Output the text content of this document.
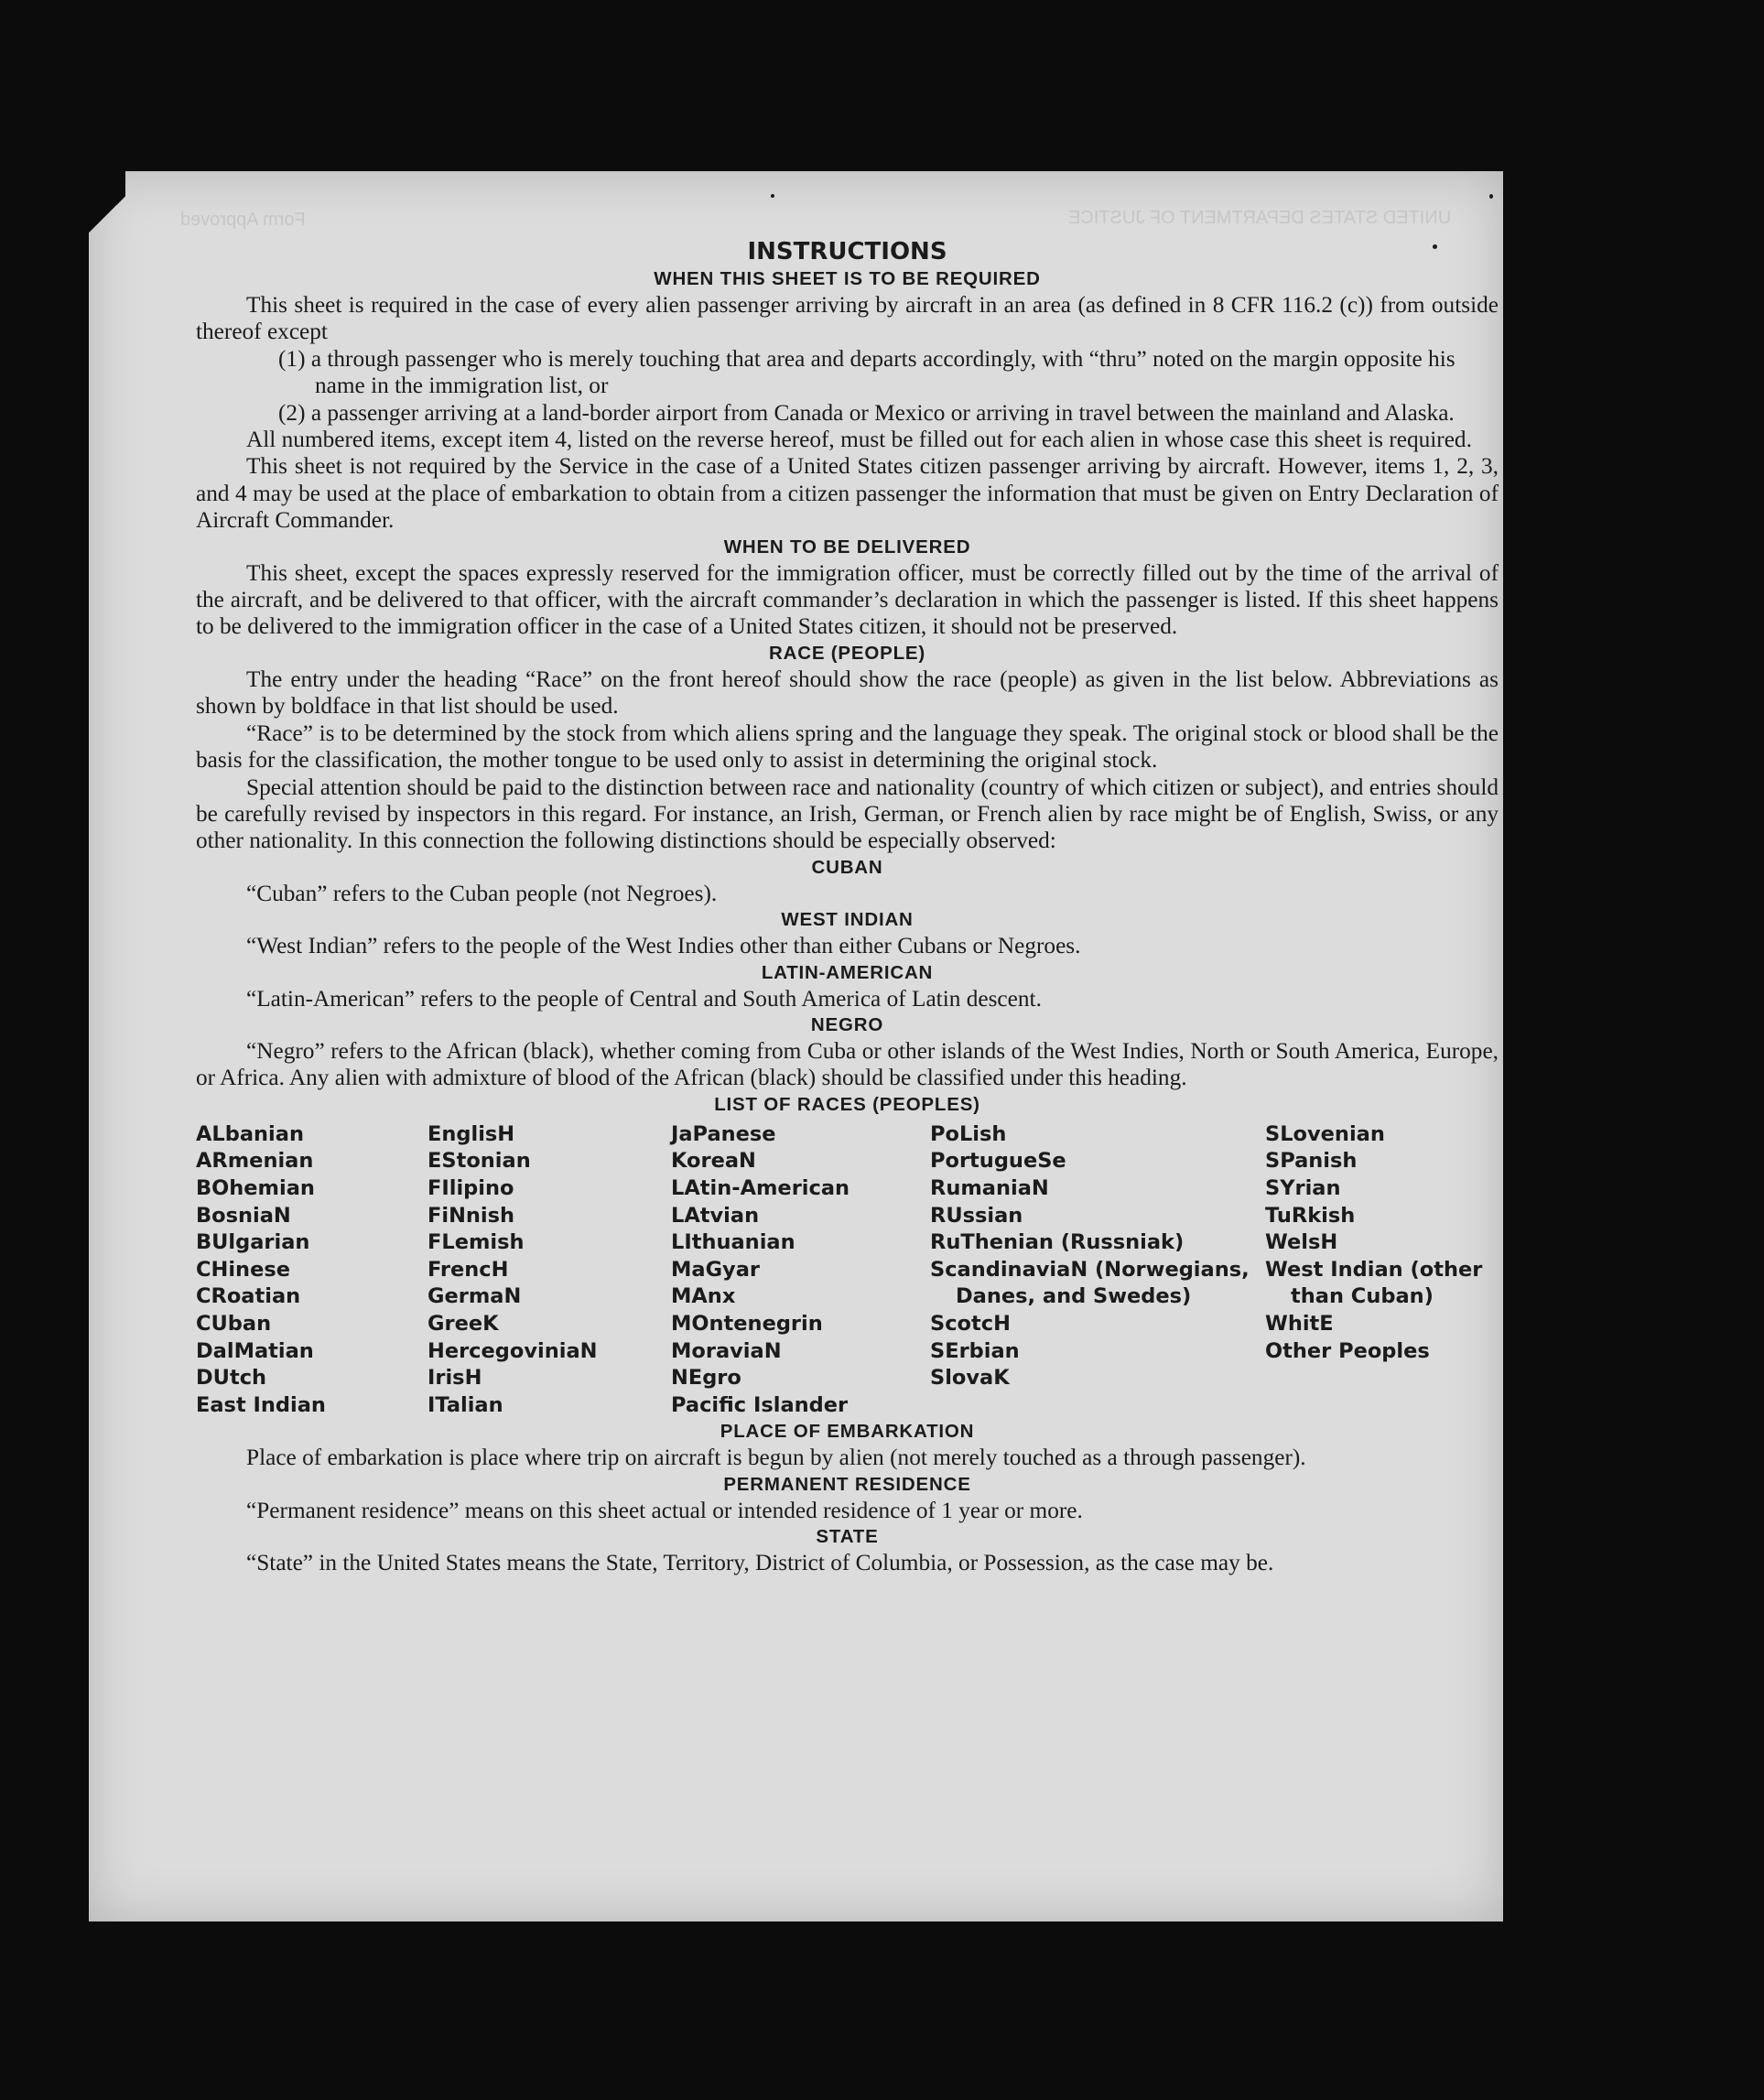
UNITED STATES DEPARTMENT OF JUSTICE
Form Approved
INSTRUCTIONS
WHEN THIS SHEET IS TO BE REQUIRED

This sheet is required in the case of every alien passenger arriving by aircraft in an area (as defined in 8 CFR 116.2 (c)) from outside thereof except

(1) a through passenger who is merely touching that area and departs accordingly, with “thru” noted on the margin opposite his name in the immigration list, or

(2) a passenger arriving at a land-border airport from Canada or Mexico or arriving in travel between the mainland and Alaska.

All numbered items, except item 4, listed on the reverse hereof, must be filled out for each alien in whose case this sheet is required.

This sheet is not required by the Service in the case of a United States citizen passenger arriving by aircraft. However, items 1, 2, 3, and 4 may be used at the place of embarkation to obtain from a citizen passenger the information that must be given on Entry Declaration of Aircraft Commander.

WHEN TO BE DELIVERED

This sheet, except the spaces expressly reserved for the immigration officer, must be correctly filled out by the time of the arrival of the aircraft, and be delivered to that officer, with the aircraft commander’s declaration in which the passenger is listed. If this sheet happens to be delivered to the immigration officer in the case of a United States citizen, it should not be preserved.

RACE (PEOPLE)

The entry under the heading “Race” on the front hereof should show the race (people) as given in the list below. Abbreviations as shown by boldface in that list should be used.

“Race” is to be determined by the stock from which aliens spring and the language they speak. The original stock or blood shall be the basis for the classification, the mother tongue to be used only to assist in determining the original stock.

Special attention should be paid to the distinction between race and nationality (country of which citizen or subject), and entries should be carefully revised by inspectors in this regard. For instance, an Irish, German, or French alien by race might be of English, Swiss, or any other nationality. In this connection the following distinctions should be especially observed:

CUBAN

“Cuban” refers to the Cuban people (not Negroes).

WEST INDIAN

“West Indian” refers to the people of the West Indies other than either Cubans or Negroes.

LATIN-AMERICAN

“Latin-American” refers to the people of Central and South America of Latin descent.

NEGRO

“Negro” refers to the African (black), whether coming from Cuba or other islands of the West Indies, North or South America, Europe, or Africa. Any alien with admixture of blood of the African (black) should be classified under this heading.

LIST OF RACES (PEOPLES)
ALbanian
ARmenian
BOhemian
BosniaN
BUlgarian
CHinese
CRoatian
CUban
DalMatian
DUtch
East Indian
EnglisH
EStonian
FIlipino
FiNnish
FLemish
FrencH
GermaN
GreeK
HercegoviniaN
IrisH
ITalian
JaPanese
KoreaN
LAtin-American
LAtvian
LIthuanian
MaGyar
MAnx
MOntenegrin
MoraviaN
NEgro
Pacific Islander
PoLish
PortugueSe
RumaniaN
RUssian
RuThenian (Russniak)
ScandinaviaN (Norwegians, Danes, and Swedes)
ScotcH
SErbian
SlovaK
SLovenian
SPanish
SYrian
TuRkish
WelsH
West Indian (other than Cuban)
WhitE
Other Peoples
PLACE OF EMBARKATION

Place of embarkation is place where trip on aircraft is begun by alien (not merely touched as a through passenger).

PERMANENT RESIDENCE

“Permanent residence” means on this sheet actual or intended residence of 1 year or more.

STATE

“State” in the United States means the State, Territory, District of Columbia, or Possession, as the case may be.
